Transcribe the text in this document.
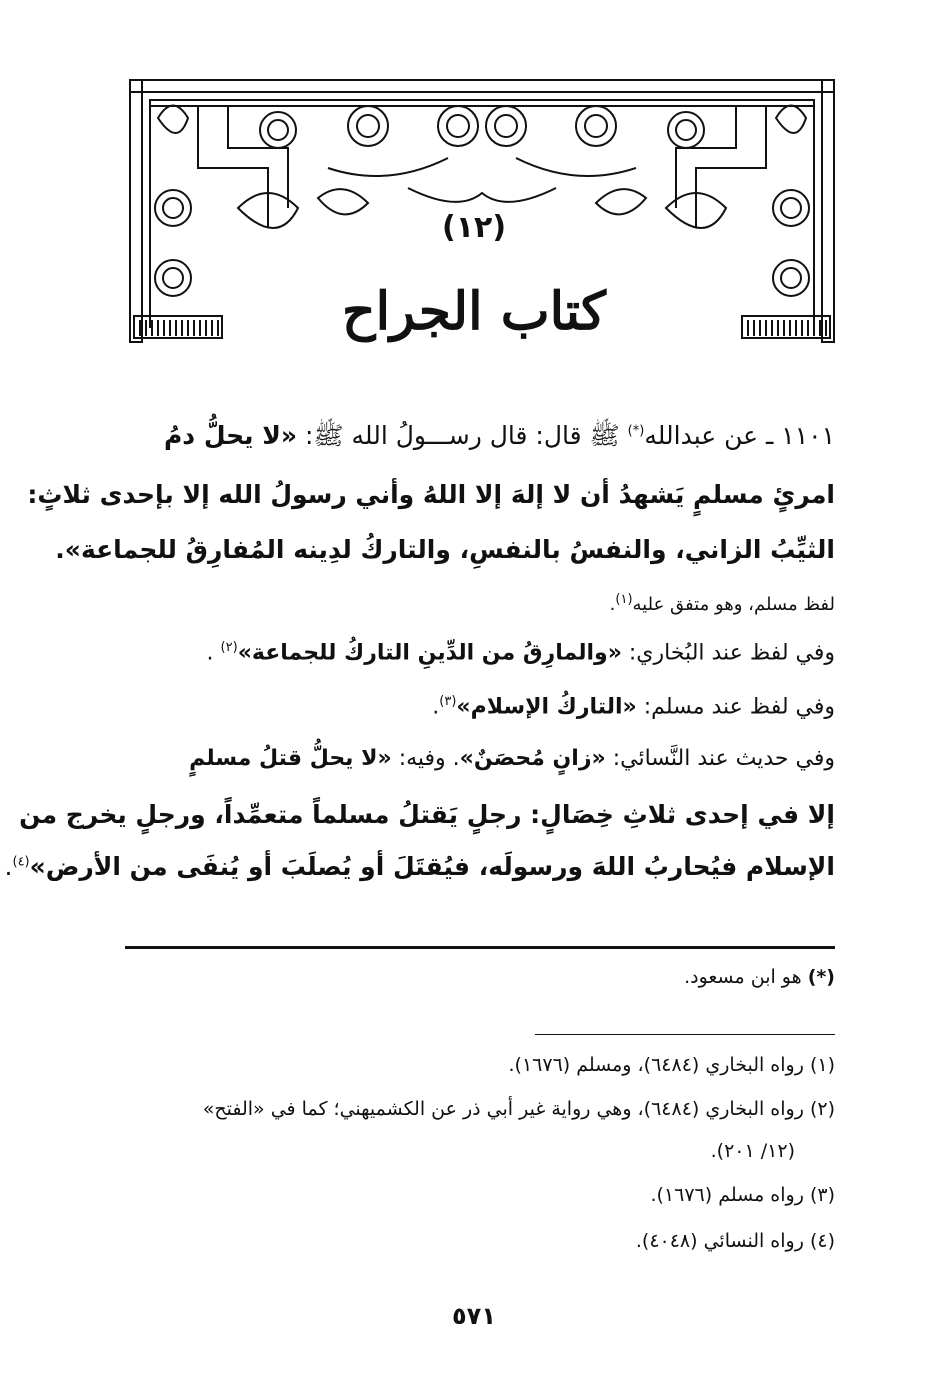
(١٢)
كتاب الجراح
١١٠١ ـ عن عبدالله(*) ﷺ قال: قال رســـولُ الله ﷺ: «لا يحلُّ دمُ
امرئٍ مسلمٍ يَشهدُ أن لا إلهَ إلا اللهُ وأني رسولُ الله إلا بإحدى ثلاثٍ:
الثيِّبُ الزاني، والنفسُ بالنفسِ، والتاركُ لدِينه المُفارِقُ للجماعة».
لفظ مسلم، وهو متفق عليه$^{(١)}$.
وفي لفظ عند البُخاري: «والمارِقُ من الدِّينِ التاركُ للجماعة»$^{(٢)}$ .
وفي لفظ عند مسلم: «التاركُ الإسلام»$^{(٣)}$.
وفي حديث عند النَّسائي: «زانٍ مُحصَنٌ». وفيه: «لا يحلُّ قتلُ مسلمٍ
إلا في إحدى ثلاثِ خِصَالٍ: رجلٍ يَقتلُ مسلماً متعمِّداً، ورجلٍ يخرج من
الإسلام فيُحاربُ اللهَ ورسولَه، فيُقتَلَ أو يُصلَبَ أو يُنفَى من الأرض»$^{(٤)}$.
(*) هو ابن مسعود.
(١) رواه البخاري (٦٤٨٤)، ومسلم (١٦٧٦).
(٢) رواه البخاري (٦٤٨٤)، وهي رواية غير أبي ذر عن الكشميهني؛ كما في «الفتح»
(١٢/ ٢٠١).
(٣) رواه مسلم (١٦٧٦).
(٤) رواه النسائي (٤٠٤٨).
٥٧١
